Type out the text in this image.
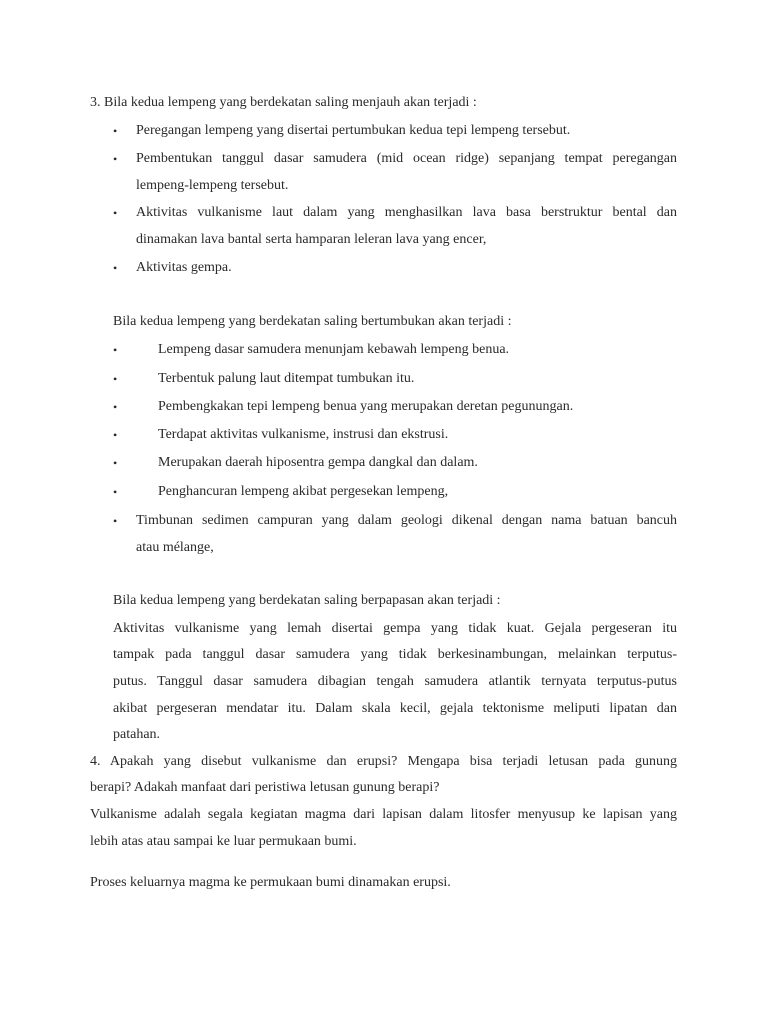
3. Bila kedua lempeng yang berdekatan saling menjauh akan terjadi :
• Peregangan lempeng yang disertai pertumbukan kedua tepi lempeng tersebut.
• Pembentukan tanggul dasar samudera (mid ocean ridge) sepanjang tempat peregangan
lempeng-lempeng tersebut.
• Aktivitas vulkanisme laut dalam yang menghasilkan lava basa berstruktur bental dan
dinamakan lava bantal serta hamparan leleran lava yang encer,
• Aktivitas gempa.
Bila kedua lempeng yang berdekatan saling bertumbukan akan terjadi :
•	Lempeng dasar samudera menunjam kebawah lempeng benua.
•	Terbentuk palung laut ditempat tumbukan itu.
•	Pembengkakan tepi lempeng benua yang merupakan deretan pegunungan.
•	Terdapat aktivitas vulkanisme, instrusi dan ekstrusi.
•	Merupakan daerah hiposentra gempa dangkal dan dalam.
•	Penghancuran lempeng akibat pergesekan lempeng,
• Timbunan sedimen campuran yang dalam geologi dikenal dengan nama batuan bancuh
atau mélange,
Bila kedua lempeng yang berdekatan saling berpapasan akan terjadi :
Aktivitas vulkanisme yang lemah disertai gempa yang tidak kuat. Gejala pergeseran itu
tampak pada tanggul dasar samudera yang tidak berkesinambungan, melainkan terputus-
putus. Tanggul dasar samudera dibagian tengah samudera atlantik ternyata terputus-putus
akibat pergeseran mendatar itu. Dalam skala kecil, gejala tektonisme meliputi lipatan dan
patahan.
4. Apakah yang disebut vulkanisme dan erupsi? Mengapa bisa terjadi letusan pada gunung
berapi? Adakah manfaat dari peristiwa letusan gunung berapi?
Vulkanisme adalah segala kegiatan magma dari lapisan dalam litosfer menyusup ke lapisan yang
lebih atas atau sampai ke luar permukaan bumi.
Proses keluarnya magma ke permukaan bumi dinamakan erupsi.
